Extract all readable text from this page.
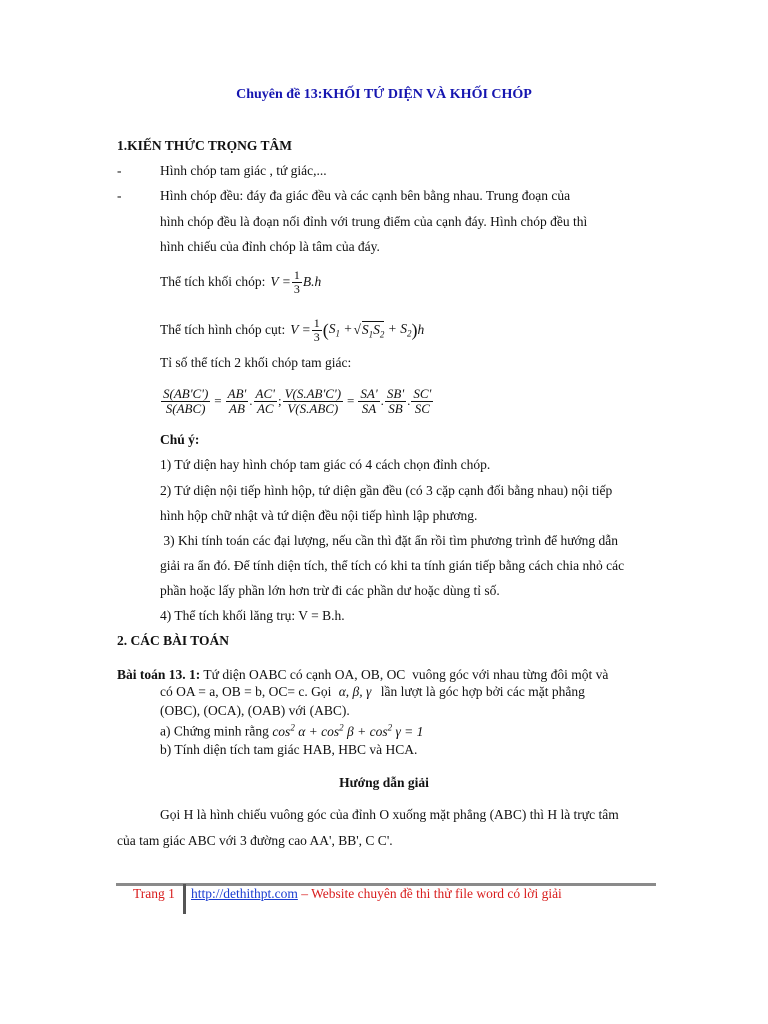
Chuyên đề 13:KHỐI TỨ DIỆN VÀ KHỐI CHÓP
1.KIẾN THỨC TRỌNG TÂM
-	Hình chóp tam giác , tứ giác,...
-	Hình chóp đều: đáy đa giác đều và các cạnh bên bằng nhau. Trung đoạn của
hình chóp đều là đoạn nối đỉnh với trung điểm của cạnh đáy. Hình chóp đều thì
hình chiếu của đỉnh chóp là tâm của đáy.
Thể tích khối chóp: $V = \frac{1}{3} B.h$
Thể tích hình chóp cụt: $V = \frac{1}{3}$ ( $S_1$ + √ $S_1S_2 + S_2$ ) h
Tỉ số thể tích 2 khối chóp tam giác:
$\frac{S(AB'C')}{\text{S(ABC)}} = \frac{AB'}{AB}$ . $\frac{AC'}{AC}$ ; $\frac{V(S.AB'C')}{\text{V(S.ABC)}} = \frac{SA'}{SA}$ . $\frac{SB'}{SB}$ . $\frac{SC'}{SC}$
Chú ý:
1) Tứ diện hay hình chóp tam giác có 4 cách chọn đỉnh chóp.
2) Tứ diện nội tiếp hình hộp, tứ diện gần đều (có 3 cặp cạnh đối bằng nhau) nội tiếp
hình hộp chữ nhật và tứ diện đều nội tiếp hình lập phương.
3) Khi tính toán các đại lượng, nếu cần thì đặt ẩn rồi tìm phương trình để hướng dẫn
giải ra ẩn đó. Để tính diện tích, thể tích có khi ta tính gián tiếp bằng cách chia nhỏ các
phần hoặc lấy phần lớn hơn trừ đi các phần dư hoặc dùng tỉ số.
4) Thể tích khối lăng trụ: V = B.h.
2. CÁC BÀI TOÁN
Bài toán 13. 1: Tứ diện OABC có cạnh OA, OB, OC  vuông góc với nhau từng đôi một và
có OA = a, OB = b, OC= c. Gọi α, β, γ lần lượt là góc hợp bởi các mặt phẳng
(OBC), (OCA), (OAB) với (ABC).
a) Chứng minh rằng $\cos^2 \alpha + \cos^2 \beta + \cos^2 \gamma = 1$
b) Tính diện tích tam giác HAB, HBC và HCA.
Hướng dẫn giải
Gọi H là hình chiếu vuông góc của đỉnh O xuống mặt phẳng (ABC) thì H là trực tâm
của tam giác ABC với 3 đường cao AA', BB', C C'.
Trang 1 http://dethithpt.com – Website chuyên đề thi thử file word có lời giải
